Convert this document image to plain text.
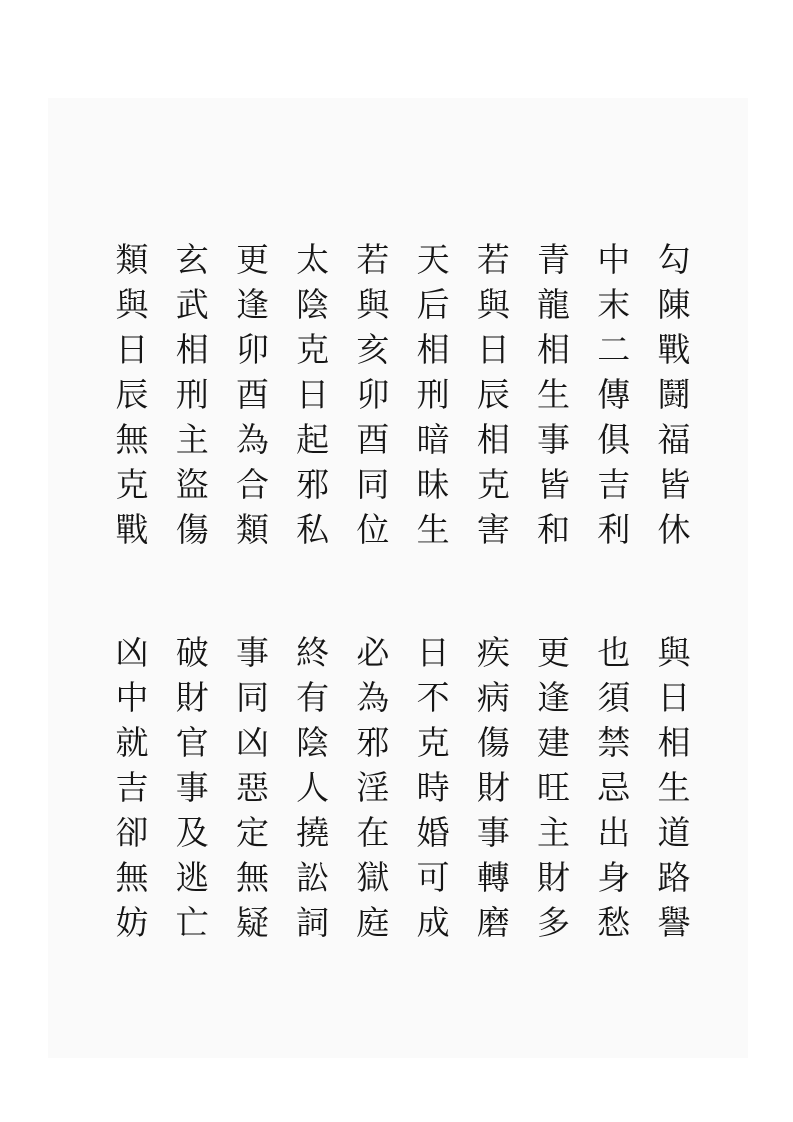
勾
陳
戰
鬪
福
皆
休
中
末
二
傳
俱
吉
利
青
龍
相
生
事
皆
和
若
與
日
辰
相
克
害
天
后
相
刑
暗
昧
生
若
與
亥
卯
酉
同
位
太
陰
克
日
起
邪
私
更
逢
卯
酉
為
合
類
玄
武
相
刑
主
盜
傷
類
與
日
辰
無
克
戰
與
日
相
生
道
路
譽
也
須
禁
忌
出
身
愁
更
逢
建
旺
主
財
多
疾
病
傷
財
事
轉
磨
日
不
克
時
婚
可
成
必
為
邪
淫
在
獄
庭
終
有
陰
人
撓
訟
詞
事
同
凶
惡
定
無
疑
破
財
官
事
及
逃
亡
凶
中
就
吉
卻
無
妨
